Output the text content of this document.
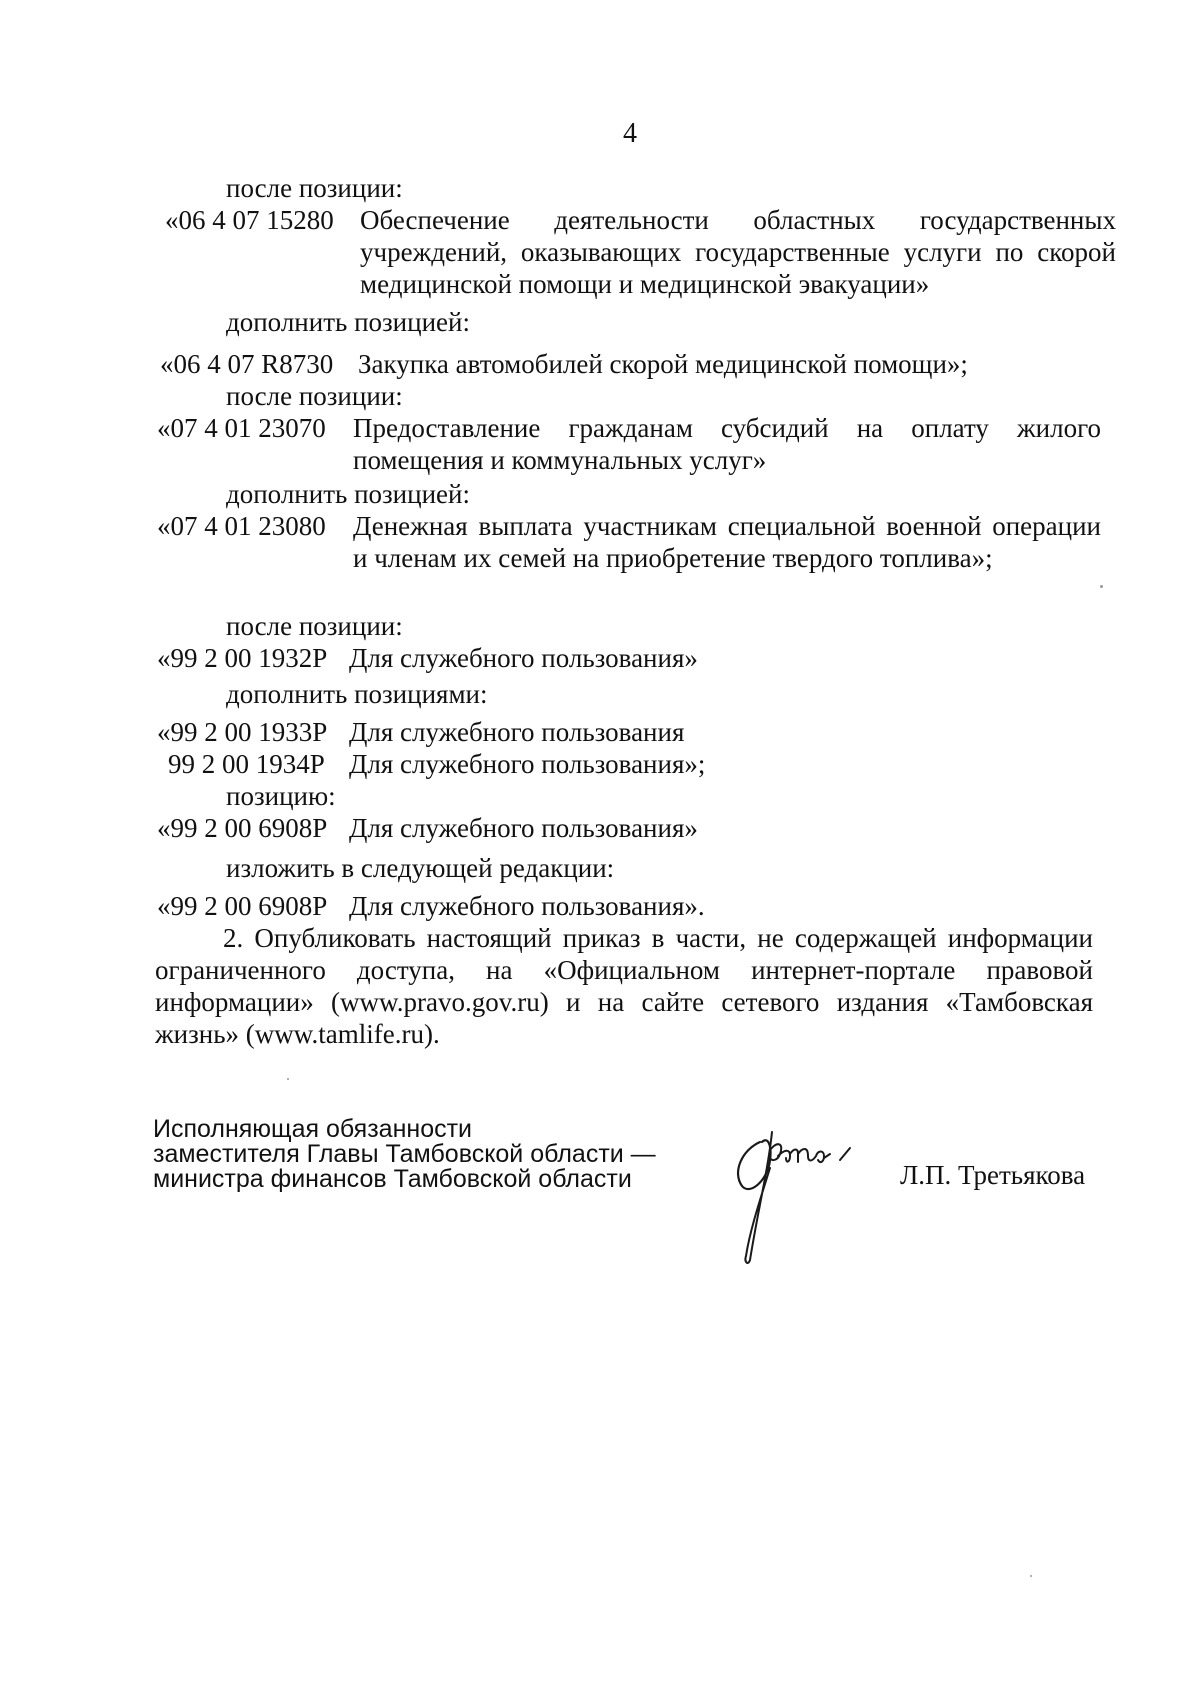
4
после позиции:
«06 4 07 15280 Обеспечение деятельности областных государственных учреждений, оказывающих государственные услуги по скорой медицинской помощи и медицинской эвакуации»
дополнить позицией:
«06 4 07 R8730 Закупка автомобилей скорой медицинской помощи»;
после позиции:
«07 4 01 23070 Предоставление гражданам субсидий на оплату жилого помещения и коммунальных услуг»
дополнить позицией:
«07 4 01 23080 Денежная выплата участникам специальной военной операции и членам их семей на приобретение твердого топлива»;
после позиции:
«99 2 00 1932Р Для служебного пользования»
дополнить позициями:
«99 2 00 1933Р Для служебного пользования
99 2 00 1934Р Для служебного пользования»;
позицию:
«99 2 00 6908Р Для служебного пользования»
изложить в следующей редакции:
«99 2 00 6908Р Для служебного пользования».
2. Опубликовать настоящий приказ в части, не содержащей информации ограниченного доступа, на «Официальном интернет-портале правовой информации» (www.pravo.gov.ru) и на сайте сетевого издания «Тамбовская жизнь» (www.tamlife.ru).
Исполняющая обязанности
заместителя Главы Тамбовской области —
министра финансов Тамбовской области	Л.П. Третьякова
